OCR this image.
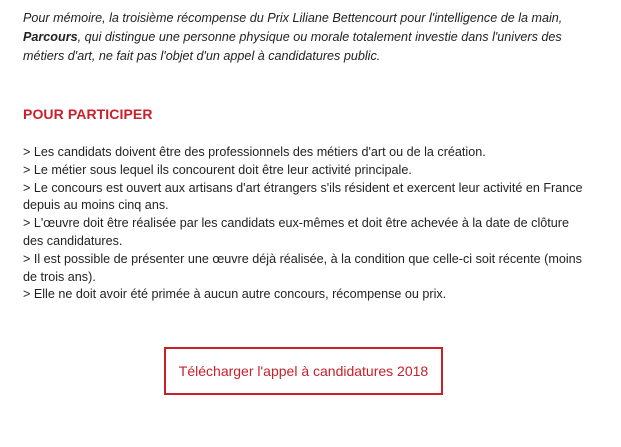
Pour mémoire, la troisième récompense du Prix Liliane Bettencourt pour l'intelligence de la main, Parcours, qui distingue une personne physique ou morale totalement investie dans l'univers des métiers d'art, ne fait pas l'objet d'un appel à candidatures public.

POUR PARTICIPER
> Les candidats doivent être des professionnels des métiers d'art ou de la création.
> Le métier sous lequel ils concourent doit être leur activité principale.
> Le concours est ouvert aux artisans d'art étrangers s'ils résident et exercent leur activité en France depuis au moins cinq ans.
> L'œuvre doit être réalisée par les candidats eux-mêmes et doit être achevée à la date de clôture des candidatures.
> Il est possible de présenter une œuvre déjà réalisée, à la condition que celle-ci soit récente (moins de trois ans).
> Elle ne doit avoir été primée à aucun autre concours, récompense ou prix.
Télécharger l'appel à candidatures 2018
